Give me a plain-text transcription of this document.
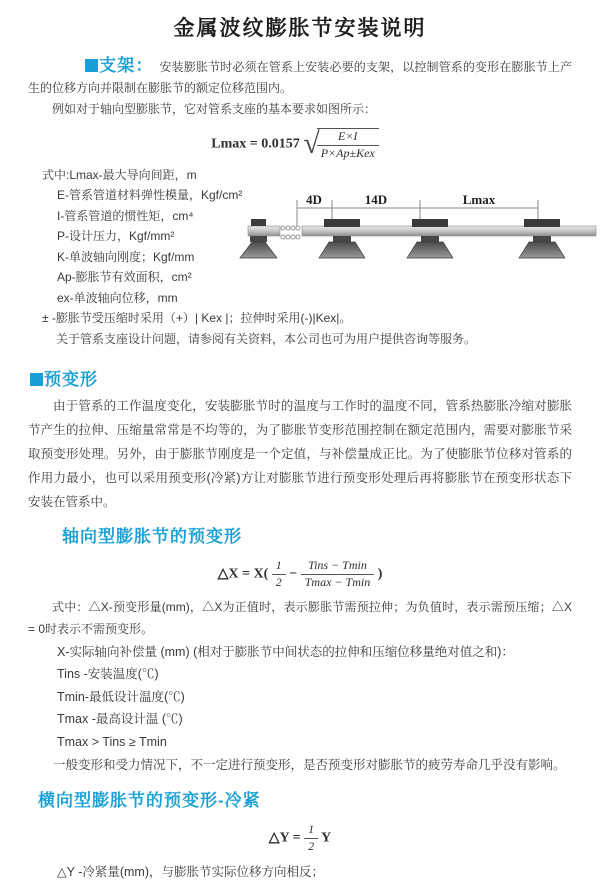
金属波纹膨胀节安装说明

支架： 安装膨胀节时必须在管系上安装必要的支架，以控制管系的变形在膨胀节上产生的位移方向并限制在膨胀节的额定位移范围内。

例如对于轴向型膨胀节，它对管系支座的基本要求如图所示：

Lmax = 0.0157 √
$\frac{E\times I}{\text{P×Ap±Kex}}$
式中:Lmax-最大导向间距，m
E-管系管道材料弹性模量，Kgf/cm²
I-管系管道的惯性矩，cm⁴
P-设计压力，Kgf/mm²
K-单波轴向刚度；Kgf/mm
Ap-膨胀节有效面积，cm²
ex-单波轴向位移，mm
± -膨胀节受压缩时采用（+）| Kex |；拉伸时采用(-)|Kex|。
关于管系支座设计问题，请参阅有关资料，本公司也可为用户提供咨询等服务。
4D	14D	Lmax
预变形

由于管系的工作温度变化，安装膨胀节时的温度与工作时的温度不同，管系热膨胀冷缩对膨胀节产生的拉伸、压缩量常常是不均等的，为了膨胀节变形范围控制在额定范围内，需要对膨胀节采取预变形处理。另外，由于膨胀节刚度是一个定值，与补偿量成正比。为了使膨胀节位移对管系的作用力最小，也可以采用预变形(冷紧)方让对膨胀节进行预变形处理后再将膨胀节在预变形状态下安装在管系中。

轴向型膨胀节的预变形
△X = $X( \frac{1}{2} - \frac{\text{Tins − Tmin}}{Tmax - Tmin}$ )

式中：△X-预变形量(mm)，△X为正值时，表示膨胀节需预拉伸；为负值时，表示需预压缩；△X = 0时表示不需预变形。

X-实际轴向补偿量 (mm) (相对于膨胀节中间状态的拉伸和压缩位移量绝对值之和)：
Tins -安装温度(℃)
Tmin-最低设计温度(℃)
Tmax -最高设计温 (℃)
Tmax > Tins ≥ Tmin

一般变形和受力情况下，不一定进行预变形，是否预变形对膨胀节的疲劳寿命几乎没有影响。

横向型膨胀节的预变形-冷紧
△Y = $\frac{1}{2}$ Y
△Y -冷紧量(mm)，与膨胀节实际位移方向相反；
